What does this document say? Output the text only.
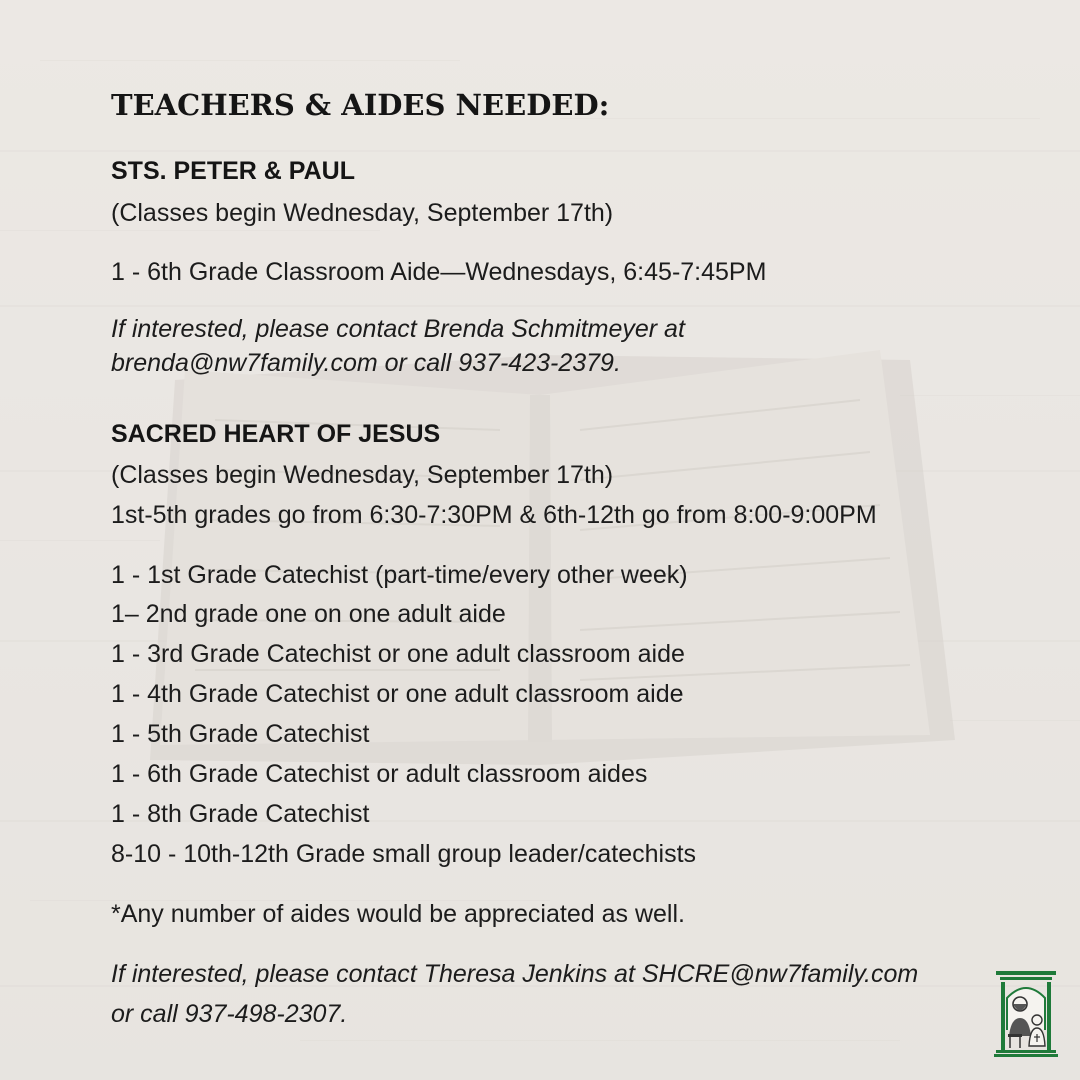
TEACHERS & AIDES NEEDED:
STS. PETER & PAUL
(Classes begin Wednesday, September 17th)
1 - 6th Grade Classroom Aide—Wednesdays, 6:45-7:45PM
If interested, please contact Brenda Schmitmeyer at
brenda@nw7family.com or call 937-423-2379.
SACRED HEART OF JESUS
(Classes begin Wednesday, September 17th)
1st-5th grades go from 6:30-7:30PM & 6th-12th go from 8:00-9:00PM
1 - 1st Grade Catechist (part-time/every other week)
1– 2nd grade one on one adult aide
1 - 3rd Grade Catechist or one adult classroom aide
1 - 4th Grade Catechist or one adult classroom aide
1 - 5th Grade Catechist
1 - 6th Grade Catechist or adult classroom aides
1 - 8th Grade Catechist
8-10 - 10th-12th Grade small group leader/catechists
*Any number of aides would be appreciated as well.
If interested, please contact Theresa Jenkins at SHCRE@nw7family.com
or call 937-498-2307.
